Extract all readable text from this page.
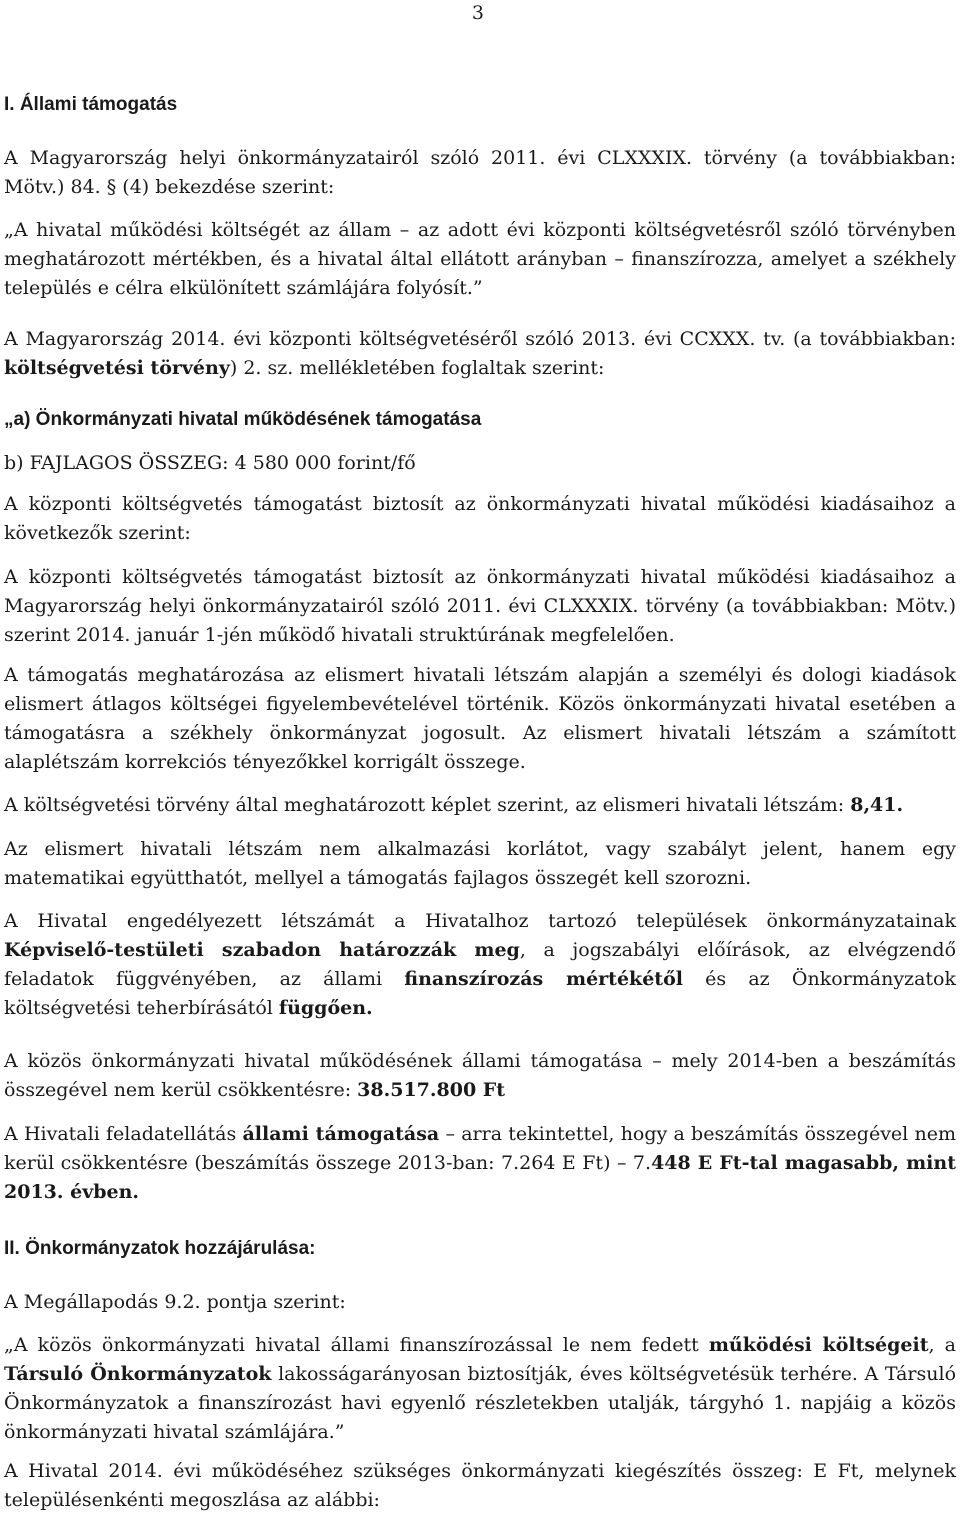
3
I. Állami támogatás

A Magyarország helyi önkormányzatairól szóló 2011. évi CLXXXIX. törvény (a továbbiakban: Mötv.) 84. § (4) bekezdése szerint:

„A hivatal működési költségét az állam – az adott évi központi költségvetésről szóló törvényben meghatározott mértékben, és a hivatal által ellátott arányban – finanszírozza, amelyet a székhely település e célra elkülönített számlájára folyósít.”

A Magyarország 2014. évi központi költségvetéséről szóló 2013. évi CCXXX. tv. (a továbbiakban: költségvetési törvény) 2. sz. mellékletében foglaltak szerint:

„a) Önkormányzati hivatal működésének támogatása

b) FAJLAGOS ÖSSZEG: 4 580 000 forint/fő

A központi költségvetés támogatást biztosít az önkormányzati hivatal működési kiadásaihoz a következők szerint:

A központi költségvetés támogatást biztosít az önkormányzati hivatal működési kiadásaihoz a Magyarország helyi önkormányzatairól szóló 2011. évi CLXXXIX. törvény (a továbbiakban: Mötv.) szerint 2014. január 1-jén működő hivatali struktúrának megfelelően.

A támogatás meghatározása az elismert hivatali létszám alapján a személyi és dologi kiadások elismert átlagos költségei figyelembevételével történik. Közös önkormányzati hivatal esetében a támogatásra a székhely önkormányzat jogosult. Az elismert hivatali létszám a számított alaplétszám korrekciós tényezőkkel korrigált összege.

A költségvetési törvény által meghatározott képlet szerint, az elismeri hivatali létszám: 8,41.

Az elismert hivatali létszám nem alkalmazási korlátot, vagy szabályt jelent, hanem egy matematikai együtthatót, mellyel a támogatás fajlagos összegét kell szorozni.

A Hivatal engedélyezett létszámát a Hivatalhoz tartozó települések önkormányzatainak Képviselő-testületi szabadon határozzák meg, a jogszabályi előírások, az elvégzendő feladatok függvényében, az állami finanszírozás mértékétől és az Önkormányzatok költségvetési teherbírásától függően.

A közös önkormányzati hivatal működésének állami támogatása – mely 2014-ben a beszámítás összegével nem kerül csökkentésre: 38.517.800 Ft

A Hivatali feladatellátás állami támogatása – arra tekintettel, hogy a beszámítás összegével nem kerül csökkentésre (beszámítás összege 2013-ban: 7.264 E Ft) – 7.448 E Ft-tal magasabb, mint 2013. évben.

II. Önkormányzatok hozzájárulása:

A Megállapodás 9.2. pontja szerint:

„A közös önkormányzati hivatal állami finanszírozással le nem fedett működési költségeit, a Társuló Önkormányzatok lakosságarányosan biztosítják, éves költségvetésük terhére. A Társuló Önkormányzatok a finanszírozást havi egyenlő részletekben utalják, tárgyhó 1. napjáig a közös önkormányzati hivatal számlájára.”

A Hivatal 2014. évi működéséhez szükséges önkormányzati kiegészítés összeg: E Ft, melynek településenkénti megoszlása az alábbi:
